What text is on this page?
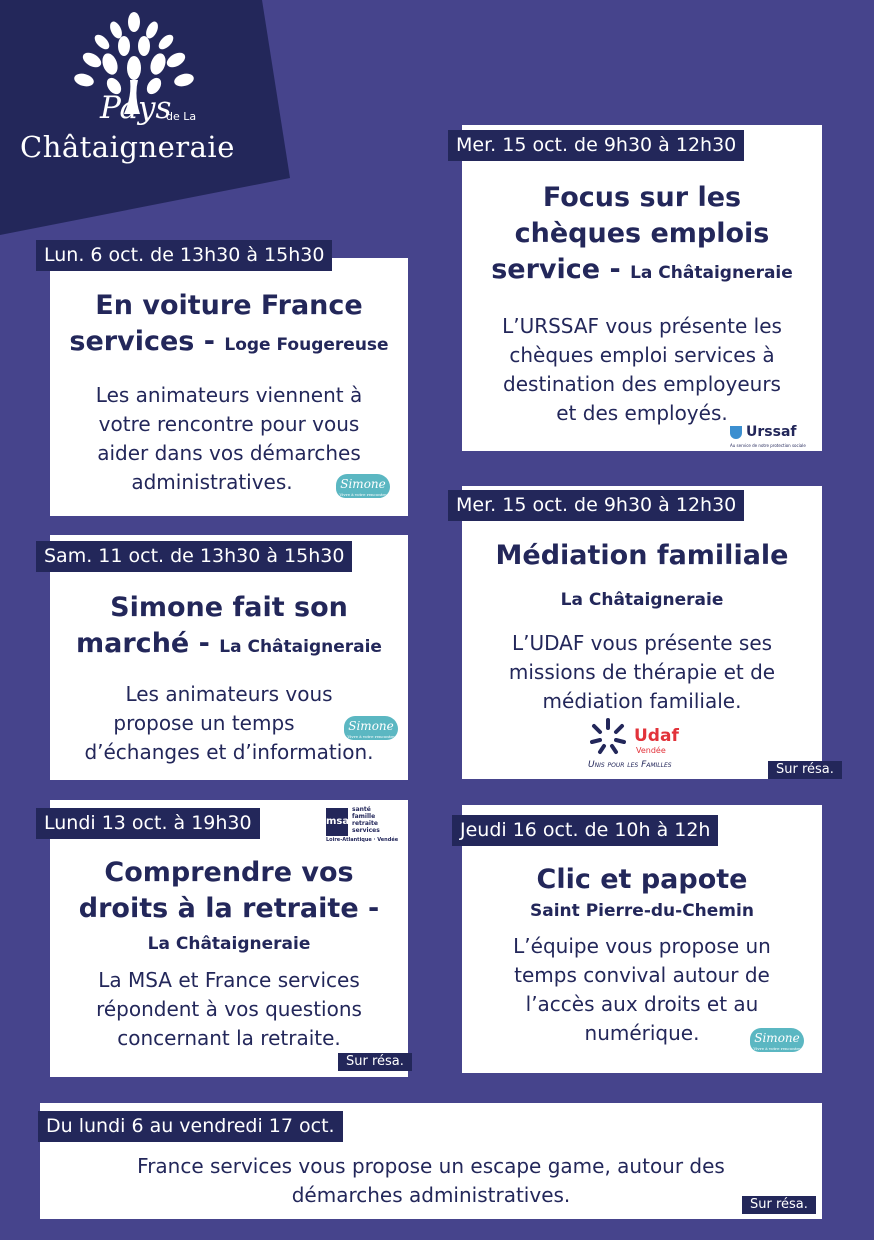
Pays
de La
Châtaigneraie
Lun. 6 oct. de 13h30 à 15h30
En voiture France
services - Loge Fougereuse
Les animateurs viennent à
votre rencontre pour vous
aider dans vos démarches
administratives.	Simone
Vivre à votre rencontre
Sam. 11 oct. de 13h30 à 15h30
Simone fait son
marché - La Châtaigneraie
Les animateurs vous
propose un temps
d’échanges et d’information.
Simone
Vivre à votre rencontre
Lundi 13 oct. à 19h30	msa
santé
famille
retraite
services
Loire-Atlantique · Vendée
Comprendre vos
droits à la retraite -
La Châtaigneraie
La MSA et France services
répondent à vos questions
concernant la retraite.
Sur résa.
Mer. 15 oct. de 9h30 à 12h30
Focus sur les
chèques emplois
service - La Châtaigneraie
L’URSSAF vous présente les
chèques emploi services à
destination des employeurs
et des employés.
Urssaf
Au service de notre protection sociale
Mer. 15 oct. de 9h30 à 12h30
Médiation familiale
La Châtaigneraie
L’UDAF vous présente ses
missions de thérapie et de
médiation familiale.
Udaf
Vendée
Unis pour les Familles	Sur résa.
Jeudi 16 oct. de 10h à 12h
Clic et papote
Saint Pierre-du-Chemin
L’équipe vous propose un
temps convival autour de
l’accès aux droits et au
numérique.	Simone
Vivre à votre rencontre
Du lundi 6 au vendredi 17 oct.
France services vous propose un escape game, autour des
démarches administratives.	Sur résa.
